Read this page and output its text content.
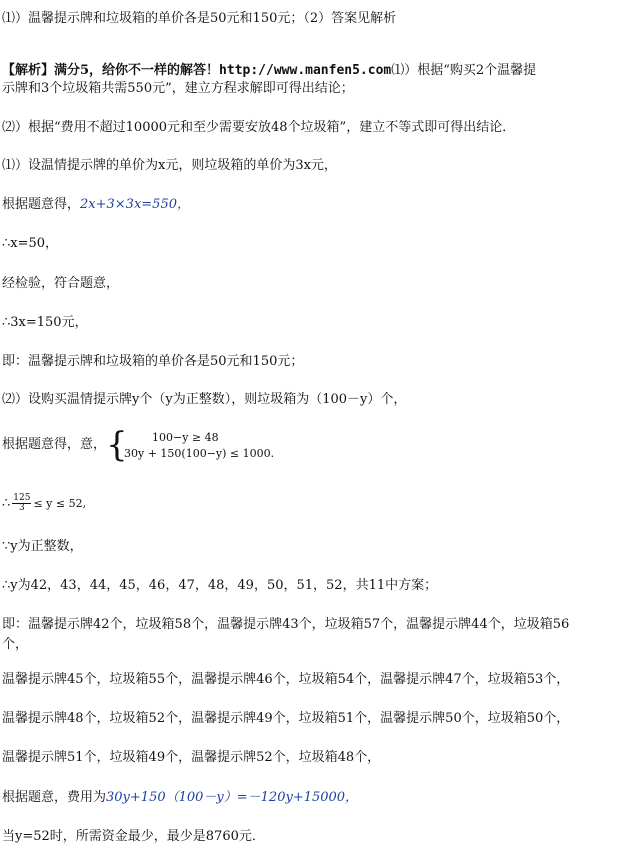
⑴）温馨提示牌和垃圾箱的单价各是50元和150元；（2）答案见解析
【解析】满分5，给你不一样的解答！http://www.manfen5.com⑴）根据“购买2个温馨提
示牌和3个垃圾箱共需550元”，建立方程求解即可得出结论；
⑵）根据“费用不超过10000元和至少需要安放48个垃圾箱”，建立不等式即可得出结论．
⑴）设温情提示牌的单价为x元，则垃圾箱的单价为3x元，
根据题意得，2x+3×3x=550，
∴x=50，
经检验，符合题意，
∴3x=150元，
即：温馨提示牌和垃圾箱的单价各是50元和150元；
⑵）设购买温情提示牌y个（y为正整数），则垃圾箱为（100－y）个，
根据题意得，意， { 100−y ≥ 48
30y + 150(100−y) ≤ 1000.
∴ $\frac{125}{3} \le y \le 52$,
∵y为正整数，
∴y为42，43，44，45，46，47，48，49，50，51，52，共11中方案；
即：温馨提示牌42个，垃圾箱58个，温馨提示牌43个，垃圾箱57个，温馨提示牌44个，垃圾箱56
个，
温馨提示牌45个，垃圾箱55个，温馨提示牌46个，垃圾箱54个，温馨提示牌47个，垃圾箱53个，
温馨提示牌48个，垃圾箱52个，温馨提示牌49个，垃圾箱51个，温馨提示牌50个，垃圾箱50个，
温馨提示牌51个，垃圾箱49个，温馨提示牌52个，垃圾箱48个，
根据题意，费用为30y+150（100－y）=－120y+15000，
当y=52时，所需资金最少，最少是8760元．
